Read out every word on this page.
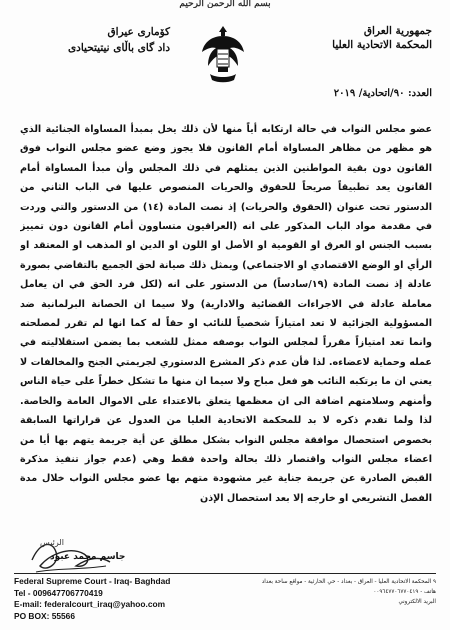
بسم الله الرحمن الرحيم
جمهورية العراق
المحكمة الاتحادية العليا
كۆماری عیراق
داد گای باڵای نیتیتحیادی
العدد: ٩٠/اتحادية/ ٢٠١٩
عضو مجلس النواب في حالة ارتكابه أياً منها لأن ذلك يخل بمبدأ المساواة الجنائية الذي هو مظهر من مظاهر المساواة أمام القانون فلا يجوز وضع عضو مجلس النواب فوق القانون دون بقية المواطنين الذين يمثلهم في ذلك المجلس وأن مبدأ المساواة أمام القانون يعد تطبيقاً صريحاً للحقوق والحريات المنصوص عليها في الباب الثاني من الدستور تحت عنوان (الحقوق والحريات) إذ نصت المادة (١٤) من الدستور والتي وردت في مقدمة مواد الباب المذكور على انه (العراقيون متساوون أمام القانون دون تمييز بسبب الجنس او العرق او القومية او الأصل او اللون او الدين او المذهب او المعتقد او الرأي او الوضع الاقتصادي او الاجتماعي) ويمثل ذلك صيانة لحق الجميع بالتقاضي بصورة عادلة إذ نصت المادة (١٩/سادساً) من الدستور على انه (لكل فرد الحق في ان يعامل معاملة عادلة في الاجراءات القضائية والادارية) ولا سيما ان الحصانة البرلمانية ضد المسؤولية الجزائية لا تعد امتيازاً شخصياً للنائب او حقاً له كما انها لم تقرر لمصلحته وانما تعد امتيازاً مقرراً لمجلس النواب بوصفه ممثل للشعب بما يضمن استقلاليته في عمله وحماية لاعضاءه. لذا فأن عدم ذكر المشرع الدستوري لجريمتي الجنح والمخالفات لا يعني ان ما يرتكبه النائب هو فعل مباح ولا سيما ان منها ما تشكل خطراً على حياة الناس وأمنهم وسلامتهم اضافة الى ان معظمها يتعلق بالاعتداء على الاموال العامة والخاصة. لذا ولما تقدم ذكره لا بد للمحكمة الاتحادية العليا من العدول عن قراراتها السابقة بخصوص استحصال موافقة مجلس النواب بشكل مطلق عن أية جريمة يتهم بها أيا من اعضاء مجلس النواب واقتصار ذلك بحالة واحدة فقط وهي (عدم جواز تنفيذ مذكرة القبض الصادرة عن جريمة جناية غير مشهودة متهم بها عضو مجلس النواب خلال مدة الفصل التشريعي او خارجه إلا بعد استحصال الإذن
الرئيس
جاسم محمد عبود
Federal Supreme Court - Iraq- Baghdad
Tel - 009647706770419
E-mail: federalcourt_iraq@yahoo.com
PO BOX: 55566
٩ المحكمة الاتحادية العليا - العراق - بغداد - حي الحارثية - مواقع ساحة بغداد
هاتف - ٠٠٩٦٤٧٧٠٦٧٧٠٤١٩
البريد الالكتروني
